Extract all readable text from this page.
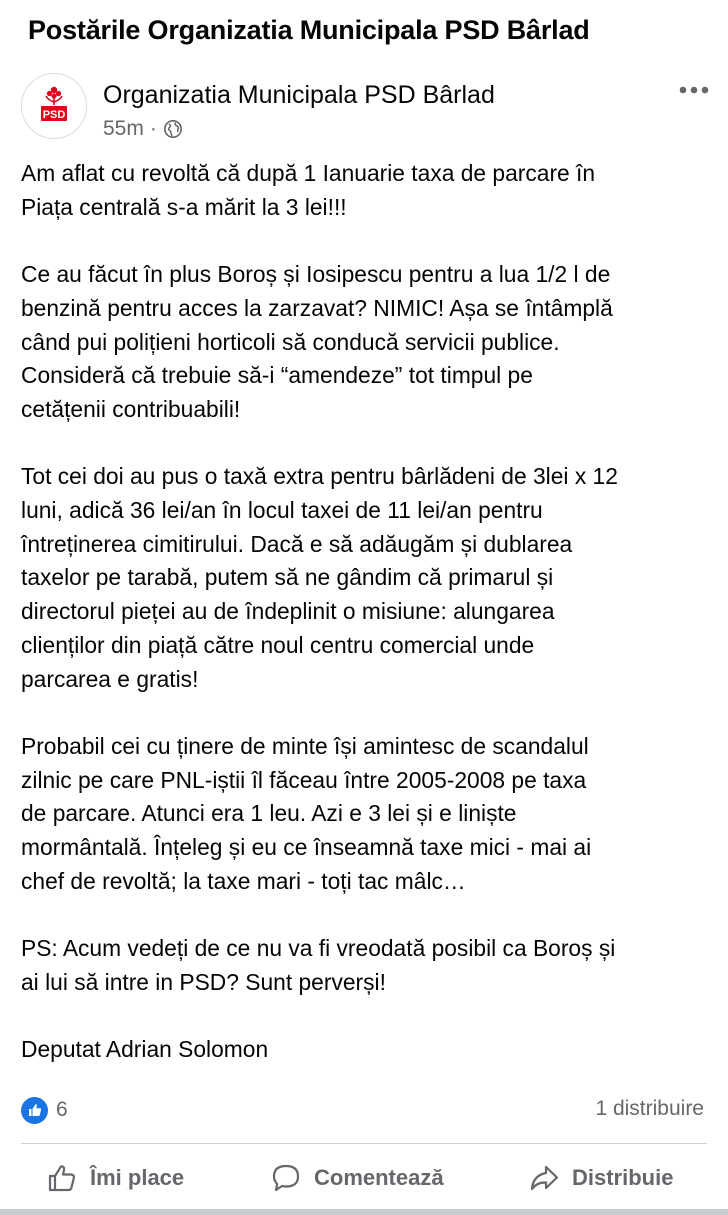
Postările Organizatia Municipala PSD Bârlad
PSD
Organizatia Municipala PSD Bârlad
55m ·

Am aflat cu revoltă că după 1 Ianuarie taxa de parcare în

Piața centrală s-a mărit la 3 lei!!!

Ce au făcut în plus Boroș și Iosipescu pentru a lua 1/2 l de

benzină pentru acces la zarzavat? NIMIC! Așa se întâmplă

când pui polițieni horticoli să conducă servicii publice.

Consideră că trebuie să-i “amendeze” tot timpul pe

cetățenii contribuabili!

Tot cei doi au pus o taxă extra pentru bârlădeni de 3lei x 12

luni, adică 36 lei/an în locul taxei de 11 lei/an pentru

întreținerea cimitirului. Dacă e să adăugăm și dublarea

taxelor pe tarabă, putem să ne gândim că primarul și

directorul pieței au de îndeplinit o misiune: alungarea

clienților din piață către noul centru comercial unde

parcarea e gratis!

Probabil cei cu ținere de minte își amintesc de scandalul

zilnic pe care PNL-iștii îl făceau între 2005-2008 pe taxa

de parcare. Atunci era 1 leu. Azi e 3 lei și e liniște

mormântală. Înțeleg și eu ce înseamnă taxe mici - mai ai

chef de revoltă; la taxe mari - toți tac mâlc…

PS: Acum vedeți de ce nu va fi vreodată posibil ca Boroș și

ai lui să intre in PSD? Sunt perverși!

Deputat Adrian Solomon

6	1 distribuire
Îmi place	Comentează	Distribuie
